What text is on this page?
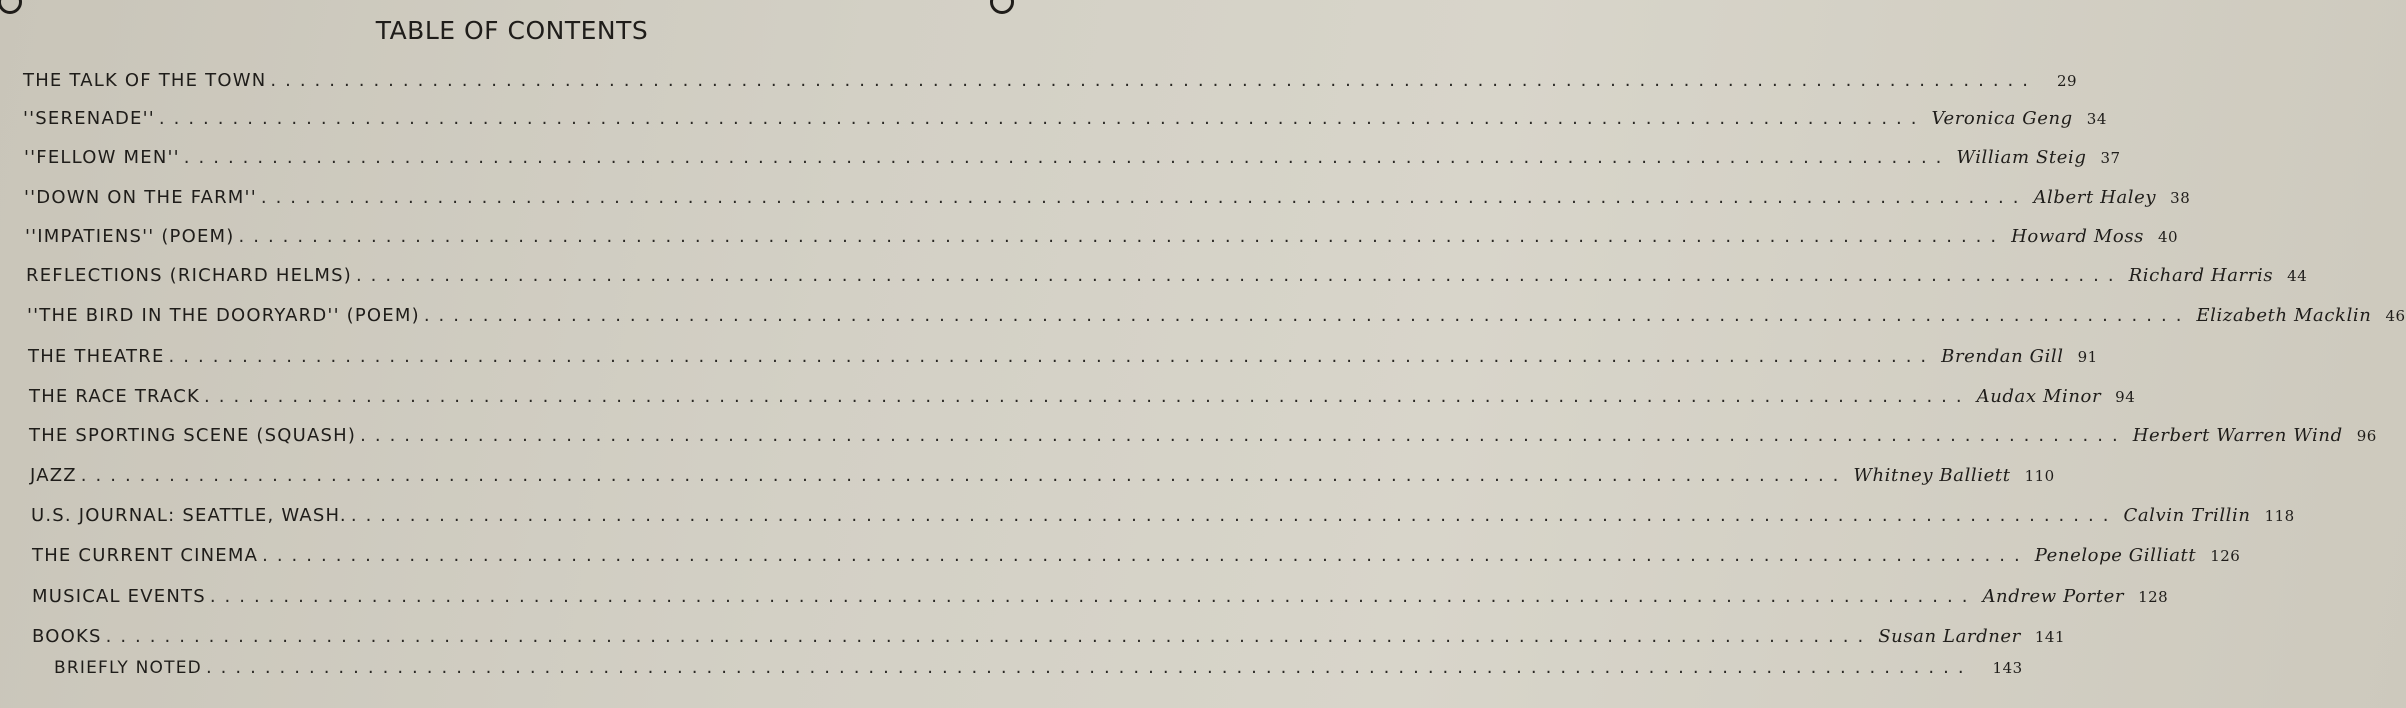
TABLE OF CONTENTS
THE TALK OF THE TOWN ........................................................................................................................ 29
''SERENADE'' ........................................................................................................................ Veronica Geng 34
''FELLOW MEN'' ........................................................................................................................ William Steig 37
''DOWN ON THE FARM'' ........................................................................................................................ Albert Haley 38
''IMPATIENS'' (POEM) ........................................................................................................................ Howard Moss 40
REFLECTIONS (RICHARD HELMS) ........................................................................................................................ Richard Harris 44
''THE BIRD IN THE DOORYARD'' (POEM) ........................................................................................................................ Elizabeth Macklin 46
THE THEATRE ........................................................................................................................ Brendan Gill 91
THE RACE TRACK ........................................................................................................................ Audax Minor 94
THE SPORTING SCENE (SQUASH) ........................................................................................................................ Herbert Warren Wind 96
JAZZ ........................................................................................................................ Whitney Balliett 110
U.S. JOURNAL: SEATTLE, WASH. ........................................................................................................................ Calvin Trillin 118
THE CURRENT CINEMA ........................................................................................................................ Penelope Gilliatt 126
MUSICAL EVENTS ........................................................................................................................ Andrew Porter 128
BOOKS ........................................................................................................................ Susan Lardner 141
BRIEFLY NOTED ........................................................................................................................ 143
